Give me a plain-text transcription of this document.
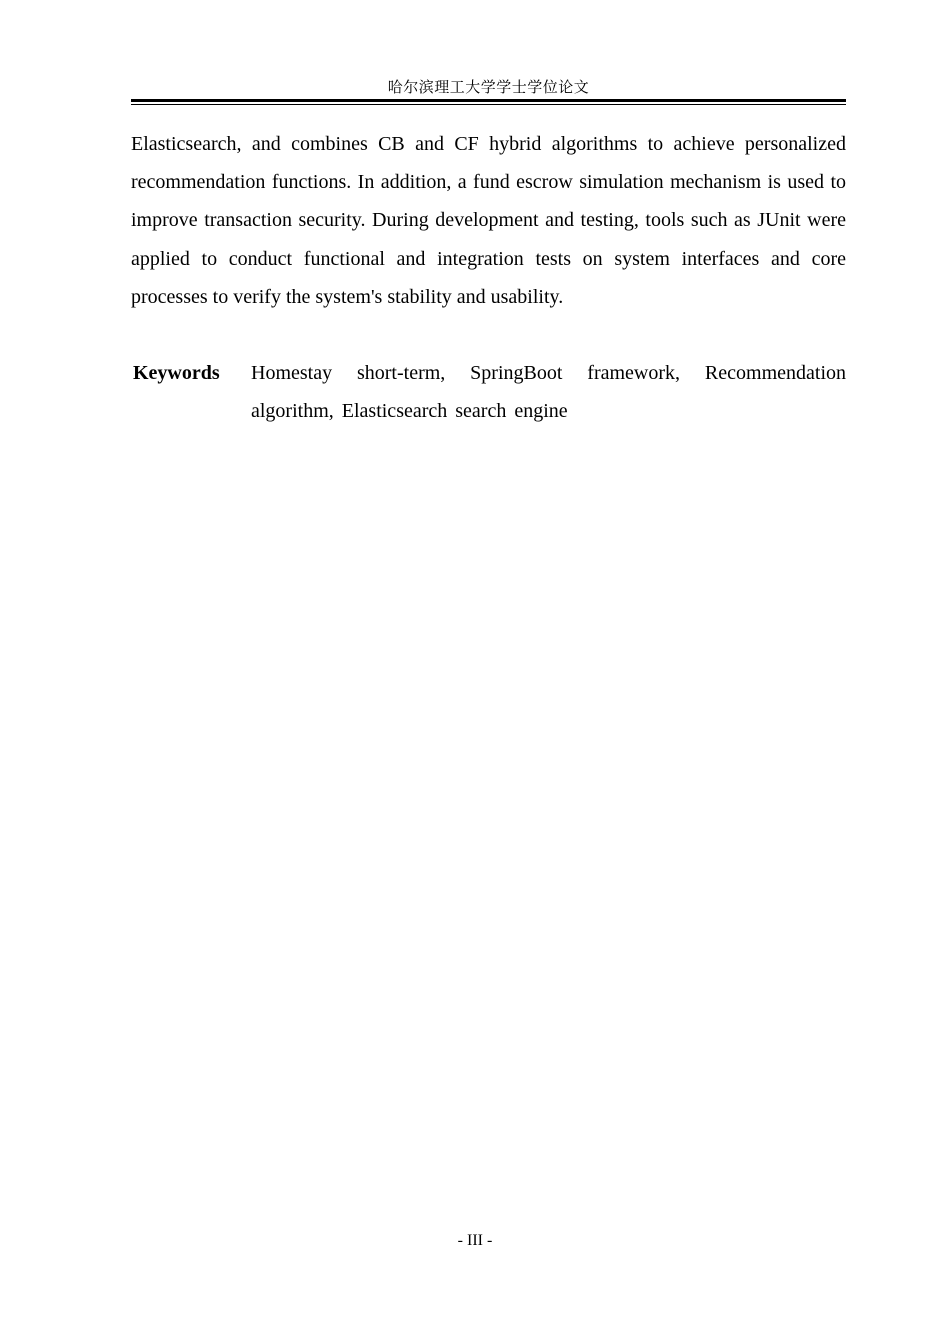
哈尔滨理工大学学士学位论文

Elasticsearch, and combines CB and CF hybrid algorithms to achieve personalized recommendation functions. In addition, a fund escrow simulation mechanism is used to improve transaction security. During development and testing, tools such as JUnit were applied to conduct functional and integration tests on system interfaces and core processes to verify the system's stability and usability.

Keywords Homestay short-term, SpringBoot framework, Recommendation algorithm, Elasticsearch search engine

- III -
